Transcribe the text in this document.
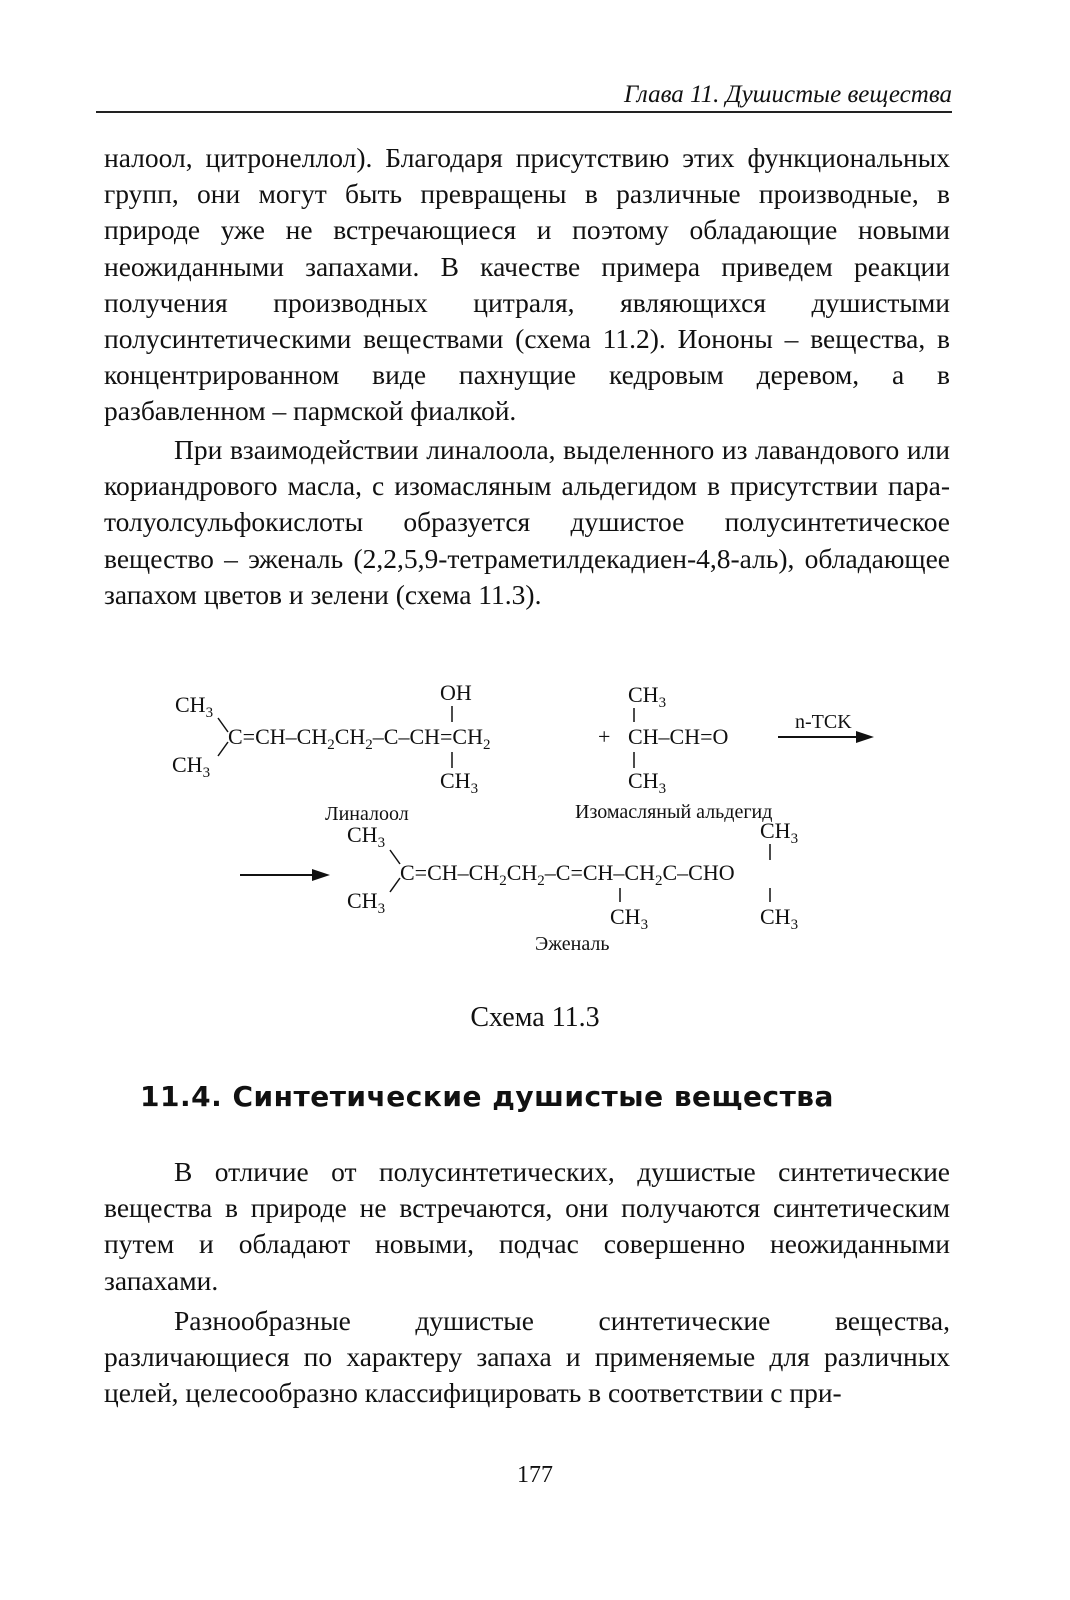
Глава 11. Душистые вещества

налоол, цитронеллол). Благодаря присутствию этих функциональных групп, они могут быть превращены в различные производные, в природе уже не встречающиеся и поэтому обладающие новыми неожиданными запахами. В качестве примера приведем реакции получения производных цитраля, являющихся душистыми полусинтетическими веществами (схема 11.2). Иононы – вещества, в концентрированном виде пахнущие кедровым деревом, а в разбавленном – пармской фиалкой.

При взаимодействии линалоола, выделенного из лавандового или кориандрового масла, с изомасляным альдегидом в присутствии пара-толуолсульфокислоты образуется душистое полусинтетическое вещество – эженаль (2,2,5,9-тетраметилдекадиен-4,8-аль), обладающее запахом цветов и зелени (схема 11.3).

$CH_3$
$CH_3$
$C=CH-CH_2CH_2-C-CH=CH_2$
OH
$CH_3$
Линалоол
+
$CH_3$
CH–CH=O
$CH_3$
Изомасляный альдегид
n-TCK
$CH_3$
$CH_3$
$C=CH-CH_2CH_2-C=CH-CH_2C$–CHO
$CH_3$
$CH_3$
$CH_3$
Эженаль
Схема 11.3
11.4. Синтетические душистые вещества

В отличие от полусинтетических, душистые синтетические вещества в природе не встречаются, они получаются синтетическим путем и обладают новыми, подчас совершенно неожиданными запахами.

Разнообразные душистые синтетические вещества, различающиеся по характеру запаха и применяемые для различных целей, целесообразно классифицировать в соответствии с при-

177
